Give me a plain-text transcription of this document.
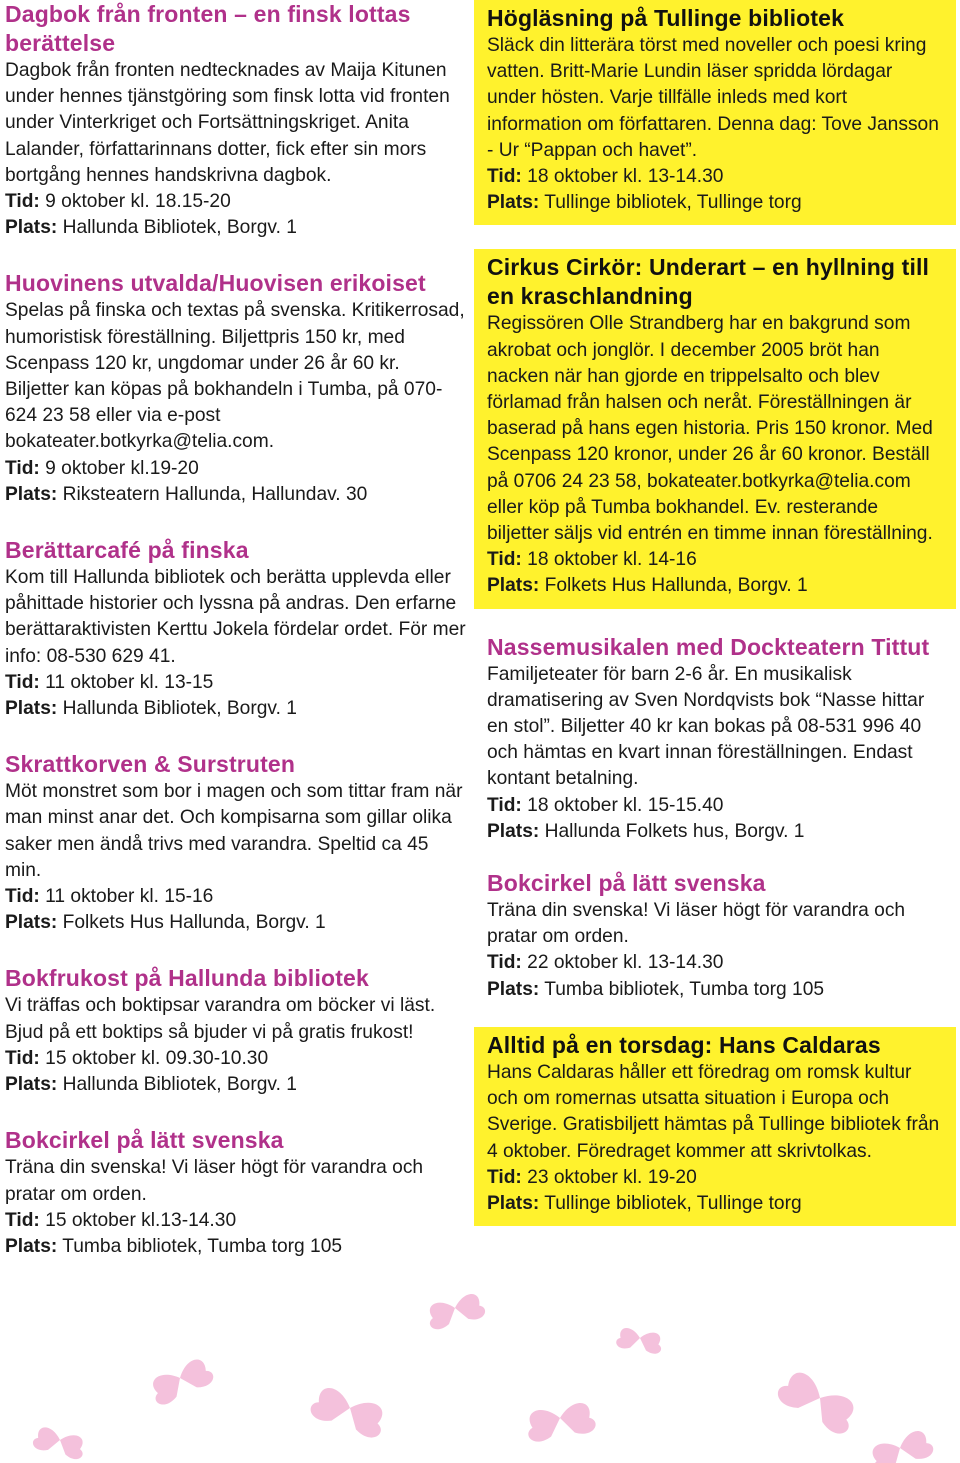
Dagbok från fronten – en finsk lottas berättelse

Dagbok från fronten nedtecknades av Maija Kitunen under hennes tjänstgöring som finsk lotta vid fronten under Vinterkriget och Fortsättningskriget. Anita Lalander, författarinnans dotter, fick efter sin mors bortgång hennes handskrivna dagbok.

Tid: 9 oktober kl. 18.15-20

Plats: Hallunda Bibliotek, Borgv. 1

Huovinens utvalda/Huovisen erikoiset

Spelas på finska och textas på svenska. Kritikerrosad, humoristisk föreställning. Biljettpris 150 kr, med Scenpass 120 kr, ungdomar under 26 år 60 kr. Biljetter kan köpas på bokhandeln i Tumba, på 070-624 23 58 eller via e-post bokateater.botkyrka@telia.com.

Tid: 9 oktober kl.19-20

Plats: Riksteatern Hallunda, Hallundav. 30

Berättarcafé på finska

Kom till Hallunda bibliotek och berätta upplevda eller påhittade historier och lyssna på andras. Den erfarne berättaraktivisten Kerttu Jokela fördelar ordet. För mer info: 08-530 629 41.

Tid: 11 oktober kl. 13-15

Plats: Hallunda Bibliotek, Borgv. 1

Skrattkorven & Surstruten

Möt monstret som bor i magen och som tittar fram när man minst anar det. Och kompisarna som gillar olika saker men ändå trivs med varandra. Speltid ca 45 min.

Tid: 11 oktober kl. 15-16

Plats: Folkets Hus Hallunda, Borgv. 1

Bokfrukost på Hallunda bibliotek

Vi träffas och boktipsar varandra om böcker vi läst. Bjud på ett boktips så bjuder vi på gratis frukost!

Tid: 15 oktober kl. 09.30-10.30

Plats: Hallunda Bibliotek, Borgv. 1

Bokcirkel på lätt svenska

Träna din svenska! Vi läser högt för varandra och pratar om orden.

Tid: 15 oktober kl.13-14.30

Plats: Tumba bibliotek, Tumba torg 105

Högläsning på Tullinge bibliotek

Släck din litterära törst med noveller och poesi kring vatten. Britt-Marie Lundin läser spridda lördagar under hösten. Varje tillfälle inleds med kort information om författaren. Denna dag: Tove Jansson - Ur “Pappan och havet”.

Tid: 18 oktober kl. 13-14.30

Plats: Tullinge bibliotek, Tullinge torg

Cirkus Cirkör: Underart – en hyllning till en kraschlandning

Regissören Olle Strandberg har en bakgrund som akrobat och jonglör. I december 2005 bröt han nacken när han gjorde en trippelsalto och blev förlamad från halsen och neråt. Föreställningen är baserad på hans egen historia. Pris 150 kronor. Med Scenpass 120 kronor, under 26 år 60 kronor. Beställ på 0706 24 23 58, bokateater.botkyrka@telia.com eller köp på Tumba bokhandel. Ev. resterande biljetter säljs vid entrén en timme innan föreställning.

Tid: 18 oktober kl. 14-16

Plats: Folkets Hus Hallunda, Borgv. 1

Nassemusikalen med Dockteatern Tittut

Familjeteater för barn 2-6 år. En musikalisk dramatisering av Sven Nordqvists bok “Nasse hittar en stol”. Biljetter 40 kr kan bokas på 08-531 996 40 och hämtas en kvart innan föreställningen. Endast kontant betalning.

Tid: 18 oktober kl. 15-15.40

Plats: Hallunda Folkets hus, Borgv. 1

Bokcirkel på lätt svenska

Träna din svenska! Vi läser högt för varandra och pratar om orden.

Tid: 22 oktober kl. 13-14.30

Plats: Tumba bibliotek, Tumba torg 105

Alltid på en torsdag: Hans Caldaras

Hans Caldaras håller ett föredrag om romsk kultur och om romernas utsatta situation i Europa och Sverige. Gratisbiljett hämtas på Tullinge bibliotek från 4 oktober. Föredraget kommer att skrivtolkas.

Tid: 23 oktober kl. 19-20

Plats: Tullinge bibliotek, Tullinge torg
